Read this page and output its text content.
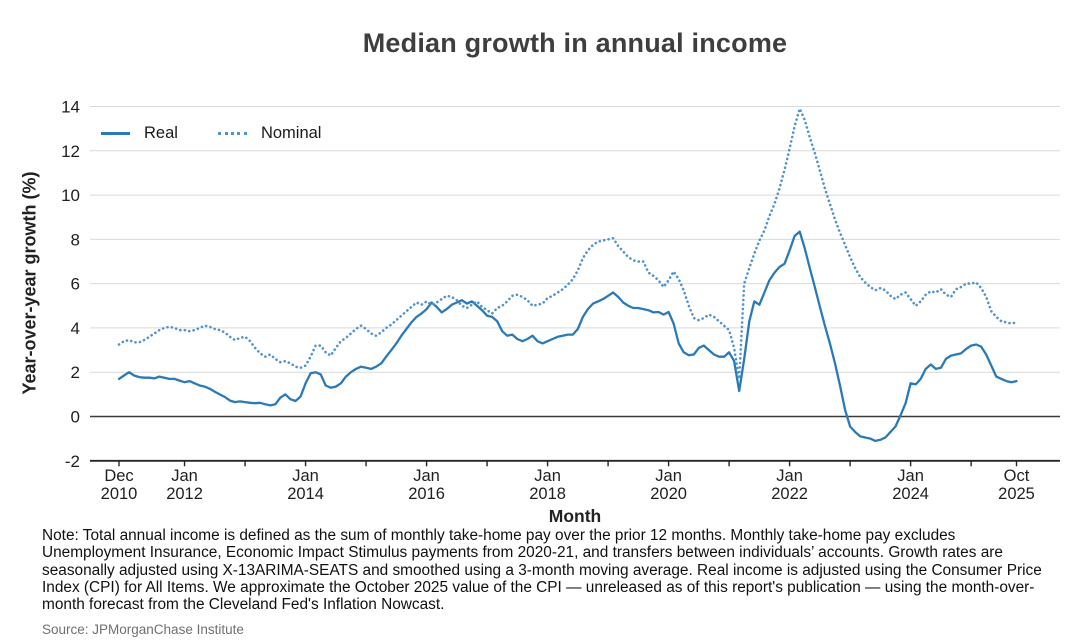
Median growth in annual income
-2
0
2
4
6
8
10
12
14
Dec
2010
Jan
2012
Jan
2014
Jan
2016
Jan
2018
Jan
2020
Jan
2022
Jan
2024
Oct
2025
Real	Nominal
Year-over-year growth (%)
Month
Note: Total annual income is defined as the sum of monthly take-home pay over the prior 12 months. Monthly take-home pay excludes Unemployment Insurance, Economic Impact Stimulus payments from 2020-21, and transfers between individuals’ accounts. Growth rates are seasonally adjusted using X-13ARIMA-SEATS and smoothed using a 3-month moving average. Real income is adjusted using the Consumer Price Index (CPI) for All Items. We approximate the October 2025 value of the CPI — unreleased as of this report's publication — using the month-over-month forecast from the Cleveland Fed's Inflation Nowcast.
Source: JPMorganChase Institute
